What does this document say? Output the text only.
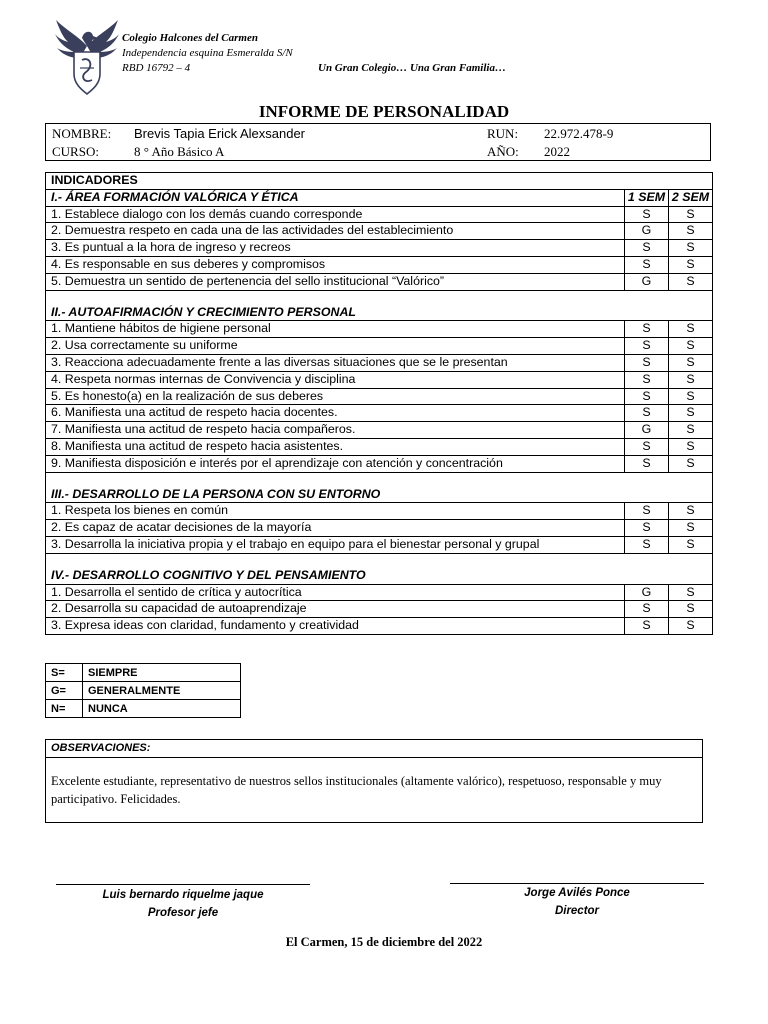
Colegio Halcones del Carmen
Independencia esquina Esmeralda S/N
RBD 16792 – 4	Un Gran Colegio… Una Gran Familia…
INFORME DE PERSONALIDAD
NOMBRE: Brevis Tapia Erick Alexsander	RUN: 22.972.478-9
CURSO:	8 ° Año Básico A	AÑO: 2022
INDICADORES		
I.- ÁREA FORMACIÓN VALÓRICA Y ÉTICA	1 SEM	2 SEM
1. Establece dialogo con los demás cuando corresponde	S	S
2. Demuestra respeto en cada una de las actividades del establecimiento	G	S
3. Es puntual a la hora de ingreso y recreos	S	S
4. Es responsable en sus deberes y compromisos	S	S
5. Demuestra un sentido de pertenencia del sello institucional “Valórico”	G	S

II.- AUTOAFIRMACIÓN Y CRECIMIENTO PERSONAL		
1. Mantiene hábitos de higiene personal	S	S
2. Usa correctamente su uniforme	S	S
3. Reacciona adecuadamente frente a las diversas situaciones que se le presentan	S	S
4. Respeta normas internas de Convivencia y disciplina	S	S
5. Es honesto(a) en la realización de sus deberes	S	S
6. Manifiesta una actitud de respeto hacia docentes.	S	S
7. Manifiesta una actitud de respeto hacia compañeros.	G	S
8. Manifiesta una actitud de respeto hacia asistentes.	S	S
9. Manifiesta disposición e interés por el aprendizaje con atención y concentración	S	S

III.- DESARROLLO DE LA PERSONA CON SU ENTORNO		
1. Respeta los bienes en común	S	S
2. Es capaz de acatar decisiones de la mayoría	S	S
3. Desarrolla la iniciativa propia y el trabajo en equipo para el bienestar personal y grupal	S	S

IV.- DESARROLLO COGNITIVO Y DEL PENSAMIENTO		
1. Desarrolla el sentido de crítica y autocrítica	G	S
2. Desarrolla su capacidad de autoaprendizaje	S	S
3. Expresa ideas con claridad, fundamento y creatividad	S	S
S=	SIEMPRE
G=	GENERALMENTE
N=	NUNCA
OBSERVACIONES:
Excelente estudiante, representativo de nuestros sellos institucionales (altamente valórico), respetuoso, responsable y muy participativo. Felicidades.
Luis bernardo riquelme jaque
Profesor jefe
Jorge Avilés Ponce
Director
El Carmen, 15 de diciembre del 2022
